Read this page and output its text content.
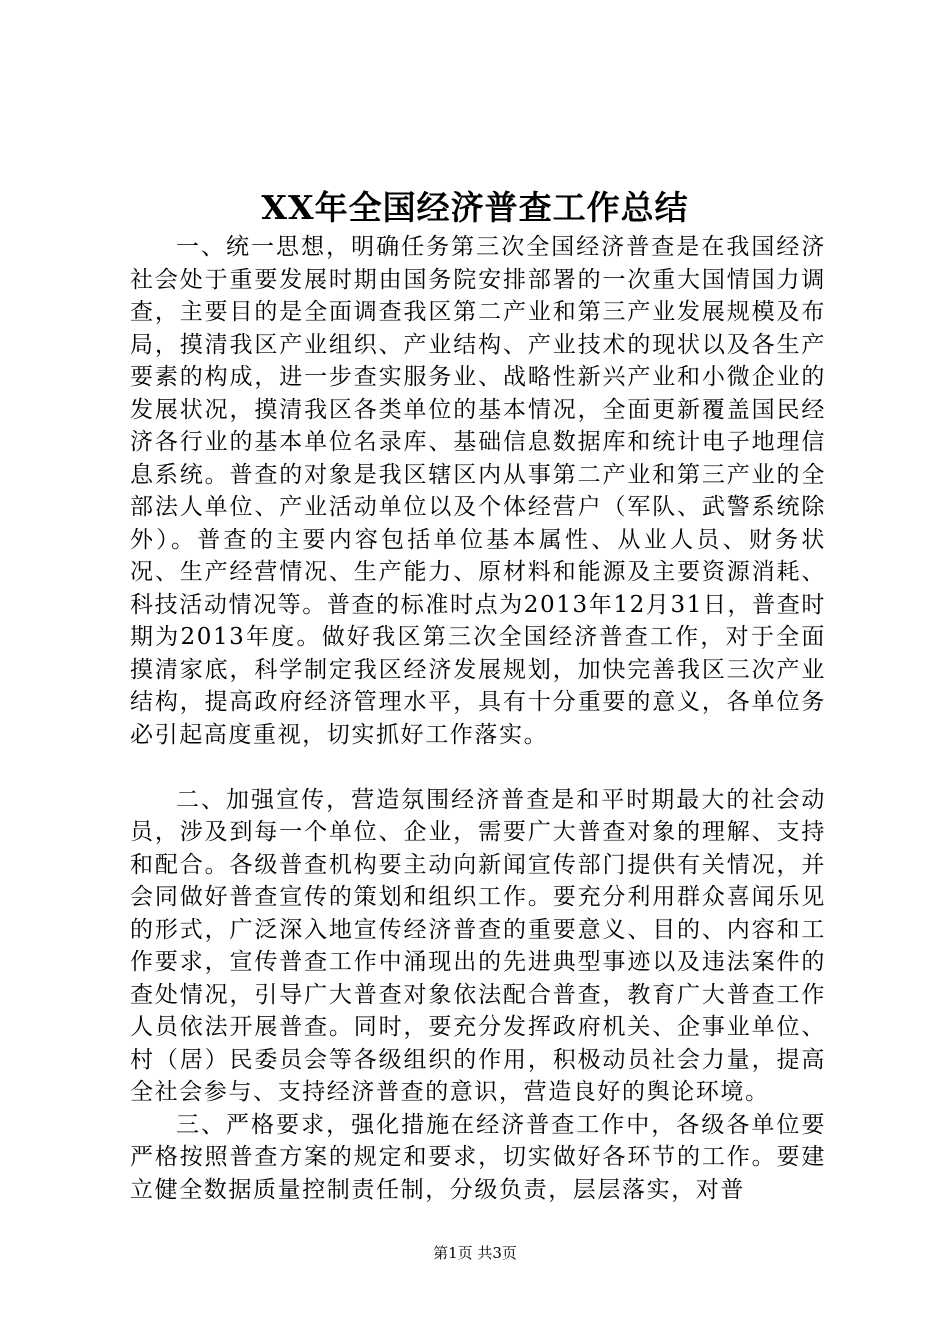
XX年全国经济普查工作总结

一、统一思想，明确任务第三次全国经济普查是在我国经济社会处于重要发展时期由国务院安排部署的一次重大国情国力调查，主要目的是全面调查我区第二产业和第三产业发展规模及布局，摸清我区产业组织、产业结构、产业技术的现状以及各生产要素的构成，进一步查实服务业、战略性新兴产业和小微企业的发展状况，摸清我区各类单位的基本情况，全面更新覆盖国民经济各行业的基本单位名录库、基础信息数据库和统计电子地理信息系统。普查的对象是我区辖区内从事第二产业和第三产业的全部法人单位、产业活动单位以及个体经营户（军队、武警系统除外）。普查的主要内容包括单位基本属性、从业人员、财务状况、生产经营情况、生产能力、原材料和能源及主要资源消耗、科技活动情况等。普查的标准时点为2013年12月31日，普查时期为2013年度。做好我区第三次全国经济普查工作，对于全面摸清家底，科学制定我区经济发展规划，加快完善我区三次产业结构，提高政府经济管理水平，具有十分重要的意义，各单位务必引起高度重视，切实抓好工作落实。

二、加强宣传，营造氛围经济普查是和平时期最大的社会动员，涉及到每一个单位、企业，需要广大普查对象的理解、支持和配合。各级普查机构要主动向新闻宣传部门提供有关情况，并会同做好普查宣传的策划和组织工作。要充分利用群众喜闻乐见的形式，广泛深入地宣传经济普查的重要意义、目的、内容和工作要求，宣传普查工作中涌现出的先进典型事迹以及违法案件的查处情况，引导广大普查对象依法配合普查，教育广大普查工作人员依法开展普查。同时，要充分发挥政府机关、企事业单位、村（居）民委员会等各级组织的作用，积极动员社会力量，提高全社会参与、支持经济普查的意识，营造良好的舆论环境。

三、严格要求，强化措施在经济普查工作中，各级各单位要严格按照普查方案的规定和要求，切实做好各环节的工作。要建立健全数据质量控制责任制，分级负责，层层落实，对普

第1页 共3页
